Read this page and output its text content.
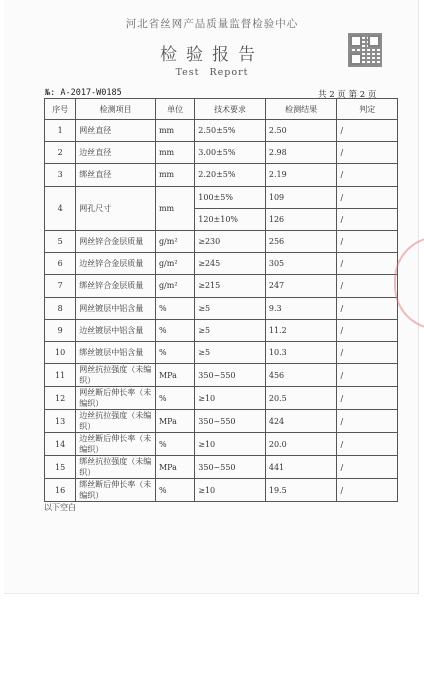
河北省丝网产品质量监督检验中心
检验报告
Test Report
№: A-2017-W0185	共 2 页 第 2 页
序号	检测项目	单位	技术要求	检测结果	判定
1	网丝直径	mm	2.50±5%	2.50	/
2	边丝直径	mm	3.00±5%	2.98	/
3	绑丝直径	mm	2.20±5%	2.19	/
4	网孔尺寸	mm	100±5%	109	/
			120±10%	126	/
5	网丝锌合金层质量	g/m²	≥230	256	/
6	边丝锌合金层质量	g/m²	≥245	305	/
7	绑丝锌合金层质量	g/m²	≥215	247	/
8	网丝镀层中铝含量	%	≥5	9.3	/
9	边丝镀层中铝含量	%	≥5	11.2	/
10	绑丝镀层中铝含量	%	≥5	10.3	/
11	网丝抗拉强度（未编织）	MPa	350~550	456	/
12	网丝断后伸长率（未编织）	%	≥10	20.5	/
13	边丝抗拉强度（未编织）	MPa	350~550	424	/
14	边丝断后伸长率（未编织）	%	≥10	20.0	/
15	绑丝抗拉强度（未编织）	MPa	350~550	441	/
16	绑丝断后伸长率（未编织）	%	≥10	19.5	/
以下空白
